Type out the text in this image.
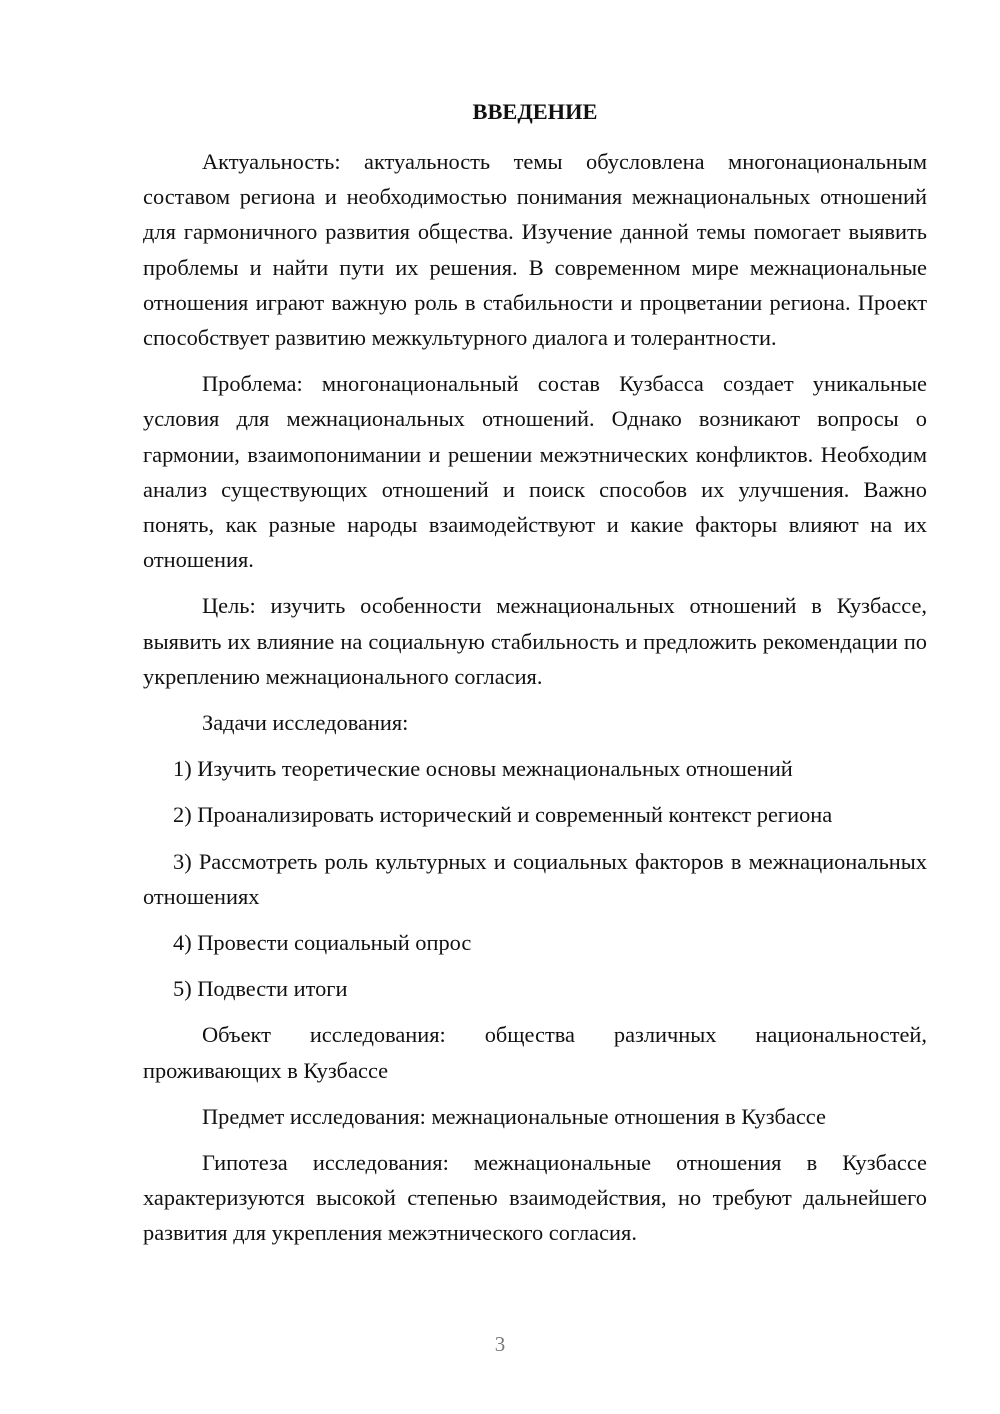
ВВЕДЕНИЕ

Актуальность: актуальность темы обусловлена многонациональным составом региона и необходимостью понимания межнациональных отношений для гармоничного развития общества. Изучение данной темы помогает выявить проблемы и найти пути их решения. В современном мире межнациональные отношения играют важную роль в стабильности и процветании региона. Проект способствует развитию межкультурного диалога и толерантности.

Проблема: многонациональный состав Кузбасса создает уникальные условия для межнациональных отношений. Однако возникают вопросы о гармонии, взаимопонимании и решении межэтнических конфликтов. Необходим анализ существующих отношений и поиск способов их улучшения. Важно понять, как разные народы взаимодействуют и какие факторы влияют на их отношения.

Цель: изучить особенности межнациональных отношений в Кузбассе, выявить их влияние на социальную стабильность и предложить рекомендации по укреплению межнационального согласия.

Задачи исследования:

1) Изучить теоретические основы межнациональных отношений

2) Проанализировать исторический и современный контекст региона

3) Рассмотреть роль культурных и социальных факторов в межнациональных отношениях

4) Провести социальный опрос

5) Подвести итоги

Объект исследования: общества различных национальностей, проживающих в Кузбассе

Предмет исследования: межнациональные отношения в Кузбассе

Гипотеза исследования: межнациональные отношения в Кузбассе характеризуются высокой степенью взаимодействия, но требуют дальнейшего развития для укрепления межэтнического согласия.

3
